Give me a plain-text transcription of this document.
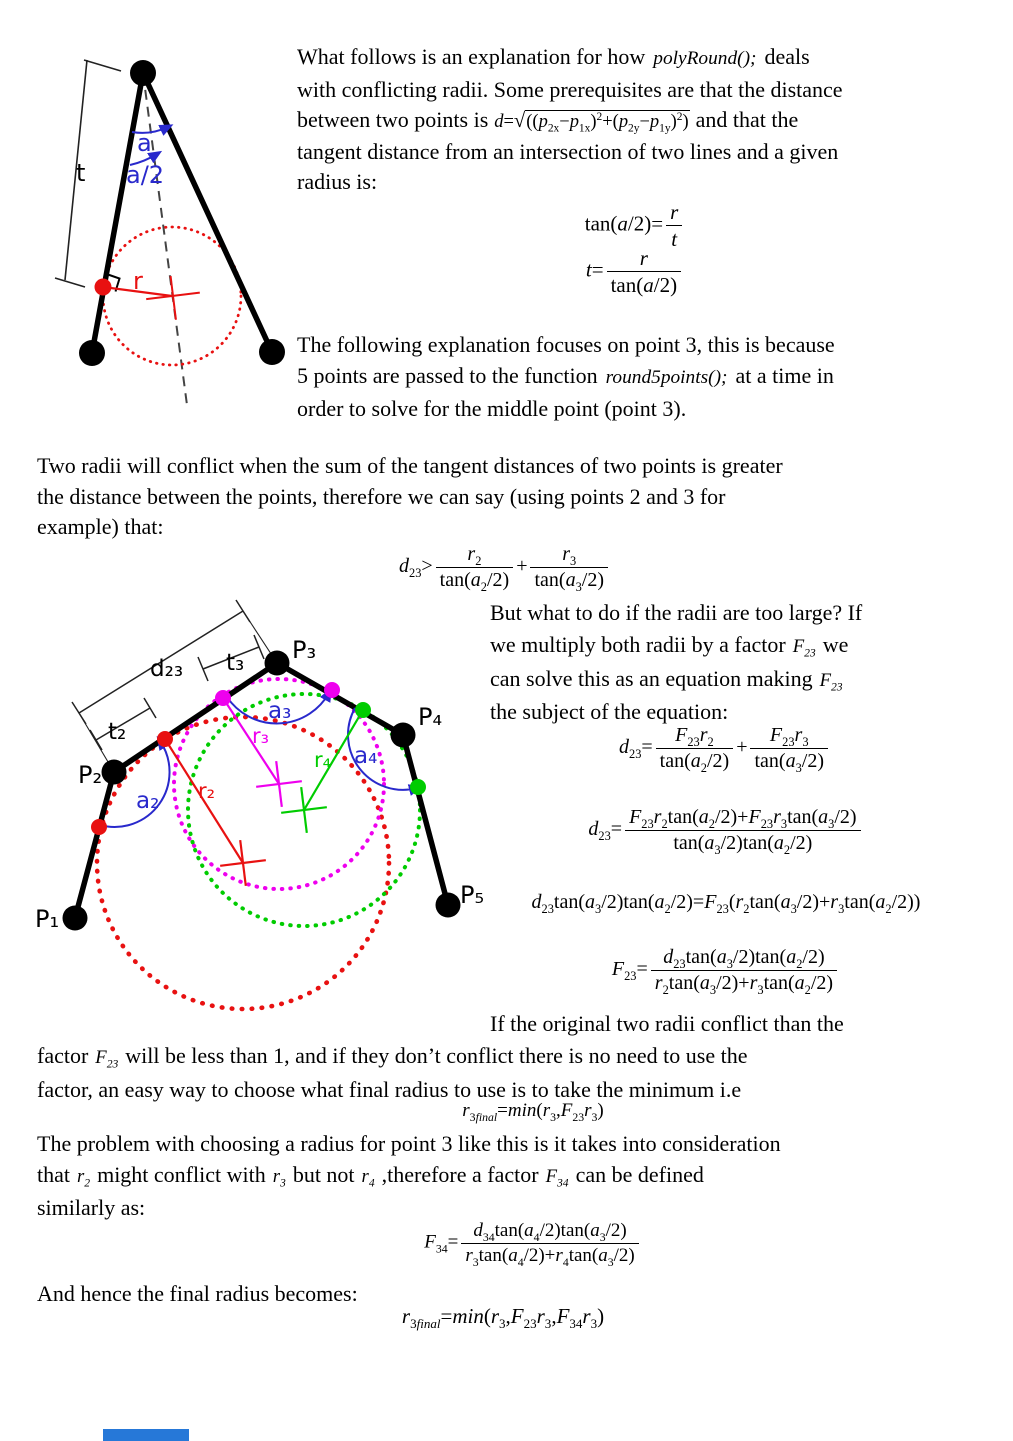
t
a
a/2
r
What follows is an explanation for how polyRound(); deals
with conflicting radii. Some prerequisites are that the distance
between two points is $d=√((p_{2x}-p_{1x})^2+(p_{2y}-p_{1y})^2)$ and that the
tangent distance from an intersection of two lines and a given
radius is:
$\tan(a/2)= \frac{r}{t}$
$t= \frac{r}{\tan(a/2)}$
The following explanation focuses on point 3, this is because
5 points are passed to the function round5points(); at a time in
order to solve for the middle point (point 3).
Two radii will conflict when the sum of the tangent distances of two points is greater
the distance between the points, therefore we can say (using points 2 and 3 for
example) that:
$d_{23}> \frac{r_2}{\tan(a_2/2)} + \frac{r_3}{\tan(a_3/2)}$
P₁
P₂
P₃
P₄
P₅
d₂₃ t₃
t₂
r₂
r₃
r₄
a₂
a₃
a₄
But what to do if the radii are too large? If
we multiply both radii by a factor $F_{23}$ we
can solve this as an equation making $F_{23}$
the subject of the equation:
$d_{23}= \frac{F_{23}r_2}{\tan(a_2/2)} + \frac{F_{23}r_3}{\tan(a_3/2)}$
$d_{23}= \frac{F_{23}r_2\tan(a_2/2)+F_{23}r_3\tan(a_3/2)}{\tan(a_3/2)\tan(a_2/2)}$
$d_{23}\tan(a_3/2)\tan(a_2/2)=F_{23}(r_2\tan(a_3/2)+r_3\tan(a_2/2))$
$F_{23}= \frac{d_{23}\tan(a_3/2)\tan(a_2/2)}{r_2\tan(a_3/2)+r_3\tan(a_2/2)}$
If the original two radii conflict than the
factor $F_{23}$ will be less than 1, and if they don’t conflict there is no need to use the
factor, an easy way to choose what final radius to use is to take the minimum i.e
$r_{3final}=\min(r_3,F_{23}r_3)$
The problem with choosing a radius for point 3 like this is it takes into consideration
that $r_2$ might conflict with $r_3$ but not $r_4$ ,therefore a factor $F_{34}$ can be defined
similarly as:
$F_{34}= \frac{d_{34}\tan(a_4/2)\tan(a_3/2)}{r_3\tan(a_4/2)+r_4\tan(a_3/2)}$
And hence the final radius becomes:
$r_{3final}=\min(r_3,F_{23}r_3,F_{34}r_3)$
